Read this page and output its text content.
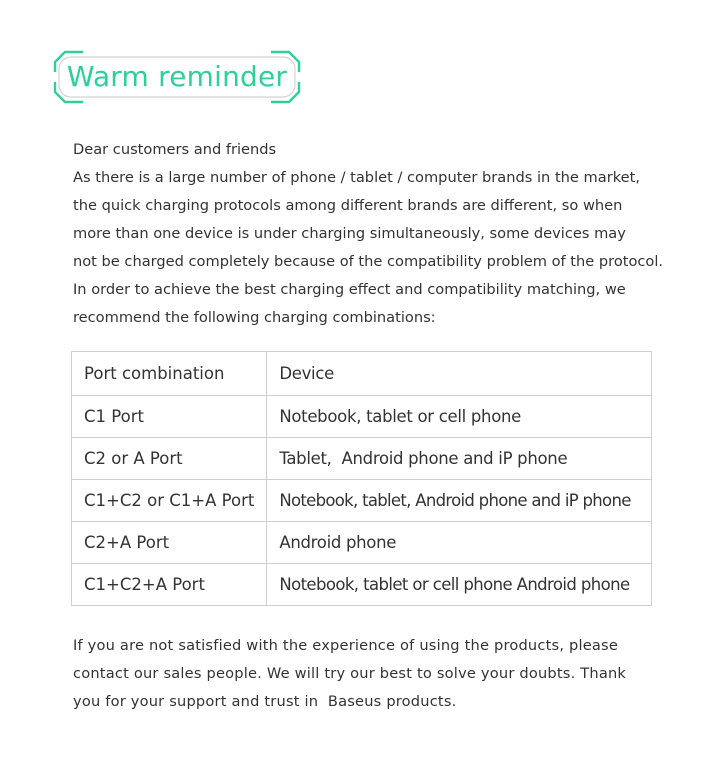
Warm reminder

Dear customers and friends

As there is a large number of phone / tablet / computer brands in the market,

the quick charging protocols among different brands are different, so when

more than one device is under charging simultaneously, some devices may

not be charged completely because of the compatibility problem of the protocol.

In order to achieve the best charging effect and compatibility matching, we

recommend the following charging combinations:

Port combination	Device
C1 Port	Notebook, tablet or cell phone
C2 or A Port	Tablet,  Android phone and iP phone
C1+C2 or C1+A Port	Notebook, tablet, Android phone and iP phone
C2+A Port	Android phone
C1+C2+A Port	Notebook, tablet or cell phone Android phone

If you are not satisfied with the experience of using the products, please

contact our sales people. We will try our best to solve your doubts. Thank

you for your support and trust in  Baseus products.
